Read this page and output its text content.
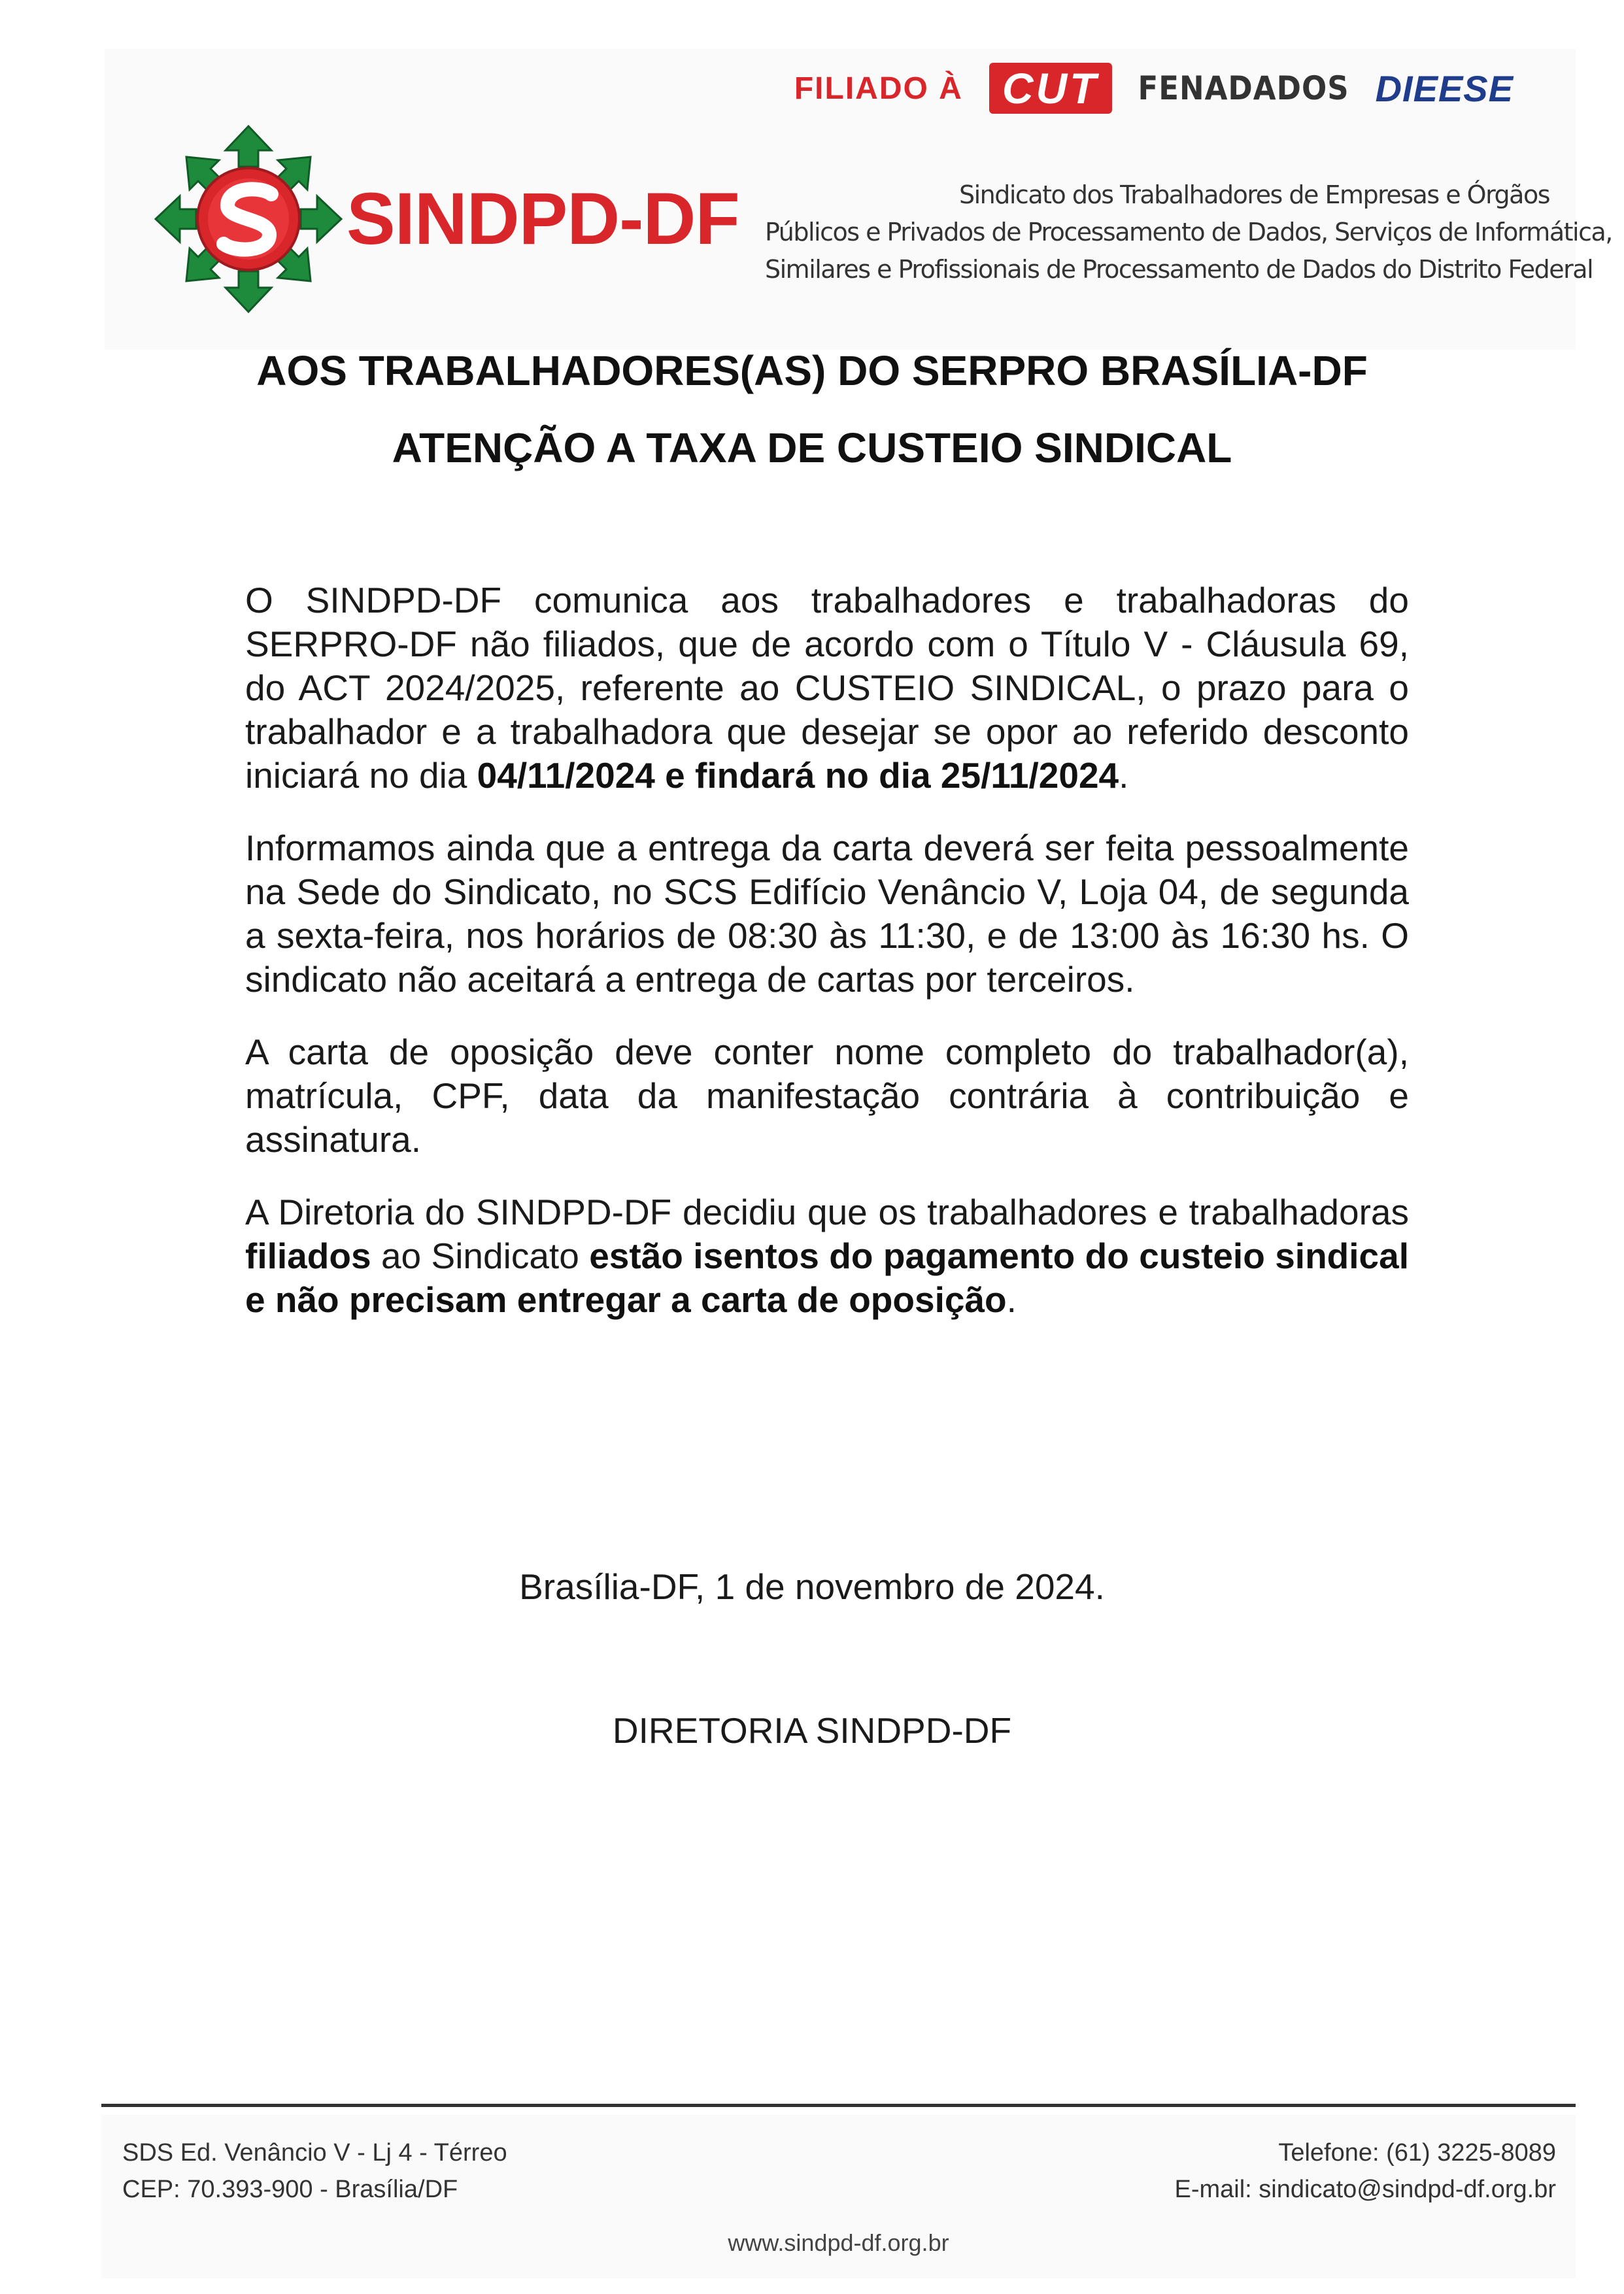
FILIADO À CUT	FENADADOS DIEESE
SINDPD-DF	Sindicato dos Trabalhadores de Empresas e Órgãos
Públicos e Privados de Processamento de Dados, Serviços de Informática,
Similares e Profissionais de Processamento de Dados do Distrito Federal
AOS TRABALHADORES(AS) DO SERPRO BRASÍLIA-DF
ATENÇÃO A TAXA DE CUSTEIO SINDICAL

O SINDPD-DF comunica aos trabalhadores e trabalhadoras do SERPRO-DF não filiados, que de acordo com o Título V - Cláusula 69, do ACT 2024/2025, referente ao CUSTEIO SINDICAL, o prazo para o trabalhador e a trabalhadora que desejar se opor ao referido desconto iniciará no dia 04/11/2024 e findará no dia 25/11/2024.

Informamos ainda que a entrega da carta deverá ser feita pessoalmente na Sede do Sindicato, no SCS Edifício Venâncio V, Loja 04, de segunda a sexta-feira, nos horários de 08:30 às 11:30, e de 13:00 às 16:30 hs. O sindicato não aceitará a entrega de cartas por terceiros.

A carta de oposição deve conter nome completo do trabalhador(a), matrícula, CPF, data da manifestação contrária à contribuição e assinatura.

A Diretoria do SINDPD-DF decidiu que os trabalhadores e trabalhadoras filiados ao Sindicato estão isentos do pagamento do custeio sindical e não precisam entregar a carta de oposição.

Brasília-DF, 1 de novembro de 2024.
DIRETORIA SINDPD-DF
SDS Ed. Venâncio V - Lj 4 - Térreo
CEP: 70.393-900 - Brasília/DF
Telefone: (61) 3225-8089
E-mail: sindicato@sindpd-df.org.br
www.sindpd-df.org.br
